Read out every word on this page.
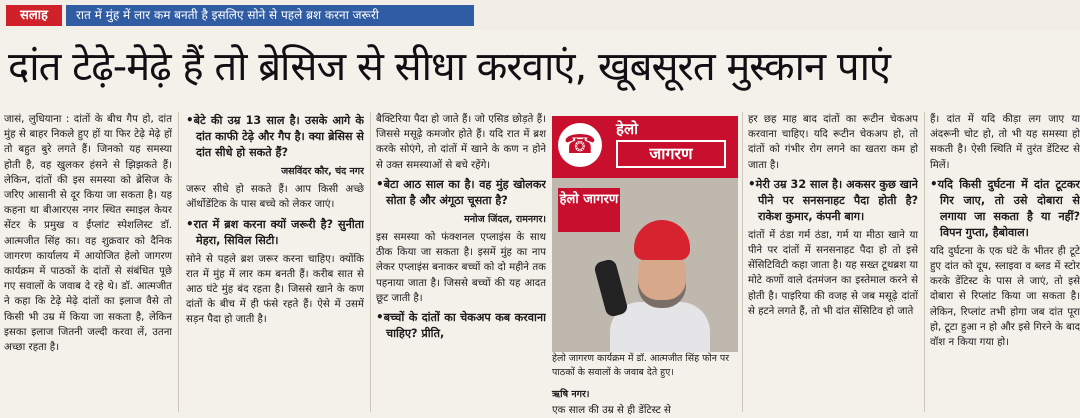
सलाह	रात में मुंह में लार कम बनती है इसलिए सोने से पहले ब्रश करना जरूरी
दांत टेढ़े-मेढ़े हैं तो ब्रेसिज से सीधा करवाएं, खूबसूरत मुस्कान पाएं

जासं, लुधियाना : दांतों के बीच गैप हो, दांत मुंह से बाहर निकले हुए हों या फिर टेढ़े मेढ़े हों तो बहुत बुरे लगते हैं। जिनको यह समस्या होती है, वह खुलकर हंसने से झिझकते हैं। लेकिन, दांतों की इस समस्या को ब्रेसिज के जरिए आसानी से दूर किया जा सकता है। यह कहना था बीआरएस नगर स्थित स्माइल केयर सेंटर के प्रमुख व ईंप्लांट स्पेशलिस्ट डॉ. आत्मजीत सिंह का। वह शुक्रवार को दैनिक जागरण कार्यालय में आयोजित हेलो जागरण कार्यक्रम में पाठकों के दांतों से संबंधित पूछे गए सवालों के जवाब दे रहे थे। डॉ. आत्मजीत ने कहा कि टेढ़े मेढ़े दांतों का इलाज वैसे तो किसी भी उम्र में किया जा सकता है, लेकिन इसका इलाज जितनी जल्दी करवा लें, उतना अच्छा रहता है।

• बेटे की उम्र 13 साल है। उसके आगे के दांत काफी टेढ़े और गैप है। क्या ब्रेसिस से दांत सीधे हो सकते हैं?

जसविंदर कौर, चंद नगर

जरूर सीधे हो सकते हैं। आप किसी अच्छे ऑर्थोडेंटिक के पास बच्चे को लेकर जाएं।

• रात में ब्रश करना क्यों जरूरी है? सुनीता मेहरा, सिविल सिटी।

सोने से पहले ब्रश जरूर करना चाहिए। क्योंकि रात में मुंह में लार कम बनती हैं। करीब सात से आठ घंटे मुंह बंद रहता है। जिससे खाने के कण दांतों के बीच में ही फंसे रहते हैं। ऐसे में उसमें सड़न पैदा हो जाती है।

बैक्टिरिया पैदा हो जाते हैं। जो एसिड छोड़ते हैं। जिससे मसूढ़े कमजोर होते हैं। यदि रात में ब्रश करके सोएंगे, तो दांतों में खाने के कण न होने से उक्त समस्याओं से बचे रहेंगे।

• बेटा आठ साल का है। वह मुंह खोलकर सोता है और अंगूठा चूसता है?

मनोज जिंदल, रामनगर।

इस समस्या को फंक्शनल एप्लाइंस के साथ ठीक किया जा सकता है। इसमें मुंह का नाप लेकर एप्लाइंस बनाकर बच्चों को दो महीने तक पहनाया जाता है। जिससे बच्चों की यह आदत छूट जाती है।

• बच्चों के दांतों का चेकअप कब करवाना चाहिए? प्रीति,

☎
हेलो
जागरण
हेलो जागरण
हेलो जागरण कार्यक्रम में डॉ. आत्मजीत सिंह फोन पर पाठकों के सवालों के जवाब देते हुए।
ऋषि नगर।
एक साल की उम्र से ही डेंटिस्ट से

हर छह माह बाद दांतों का रूटीन चेकअप करवाना चाहिए। यदि रूटीन चेकअप हो, तो दांतों को गंभीर रोग लगने का खतरा कम हो जाता है।

• मेरी उम्र 32 साल है। अकसर कुछ खाने पीने पर सनसनाहट पैदा होती है? राकेश कुमार, कंपनी बाग।

दांतों में ठंडा गर्म ठंडा, गर्म या मीठा खाने या पीने पर दांतों में सनसनाहट पैदा हो तो इसे सेंसिटिविटी कहा जाता है। यह सख्त टूथब्रश या मोटे कणों वाले दंतमंजन का इस्तेमाल करने से होती है। पाइरिया की वजह से जब मसूढ़े दांतों से हटने लगते हैं, तो भी दांत सेंसिटिव हो जाते

हैं। दांत में यदि कीड़ा लग जाए या अंदरूनी चोट हो, तो भी यह समस्या हो सकती है। ऐसी स्थिति में तुरंत डेंटिस्ट से मिलें।

• यदि किसी दुर्घटना में दांत टूटकर गिर जाए, तो उसे दोबारा से लगाया जा सकता है या नहीं? विपन गुप्ता, हैबोवाल।

यदि दुर्घटना के एक घंटे के भीतर ही टूटे हुए दांत को दूध, स्लाइवा व ब्लड में स्टोर करके डेंटिस्ट के पास ले जाएं, तो इसे दोबारा से रिप्लांट किया जा सकता है। लेकिन, रिप्लांट तभी होगा जब दांत पूरा हो, टूटा हुआ न हो और इसे गिरने के बाद वॉश न किया गया हो।
